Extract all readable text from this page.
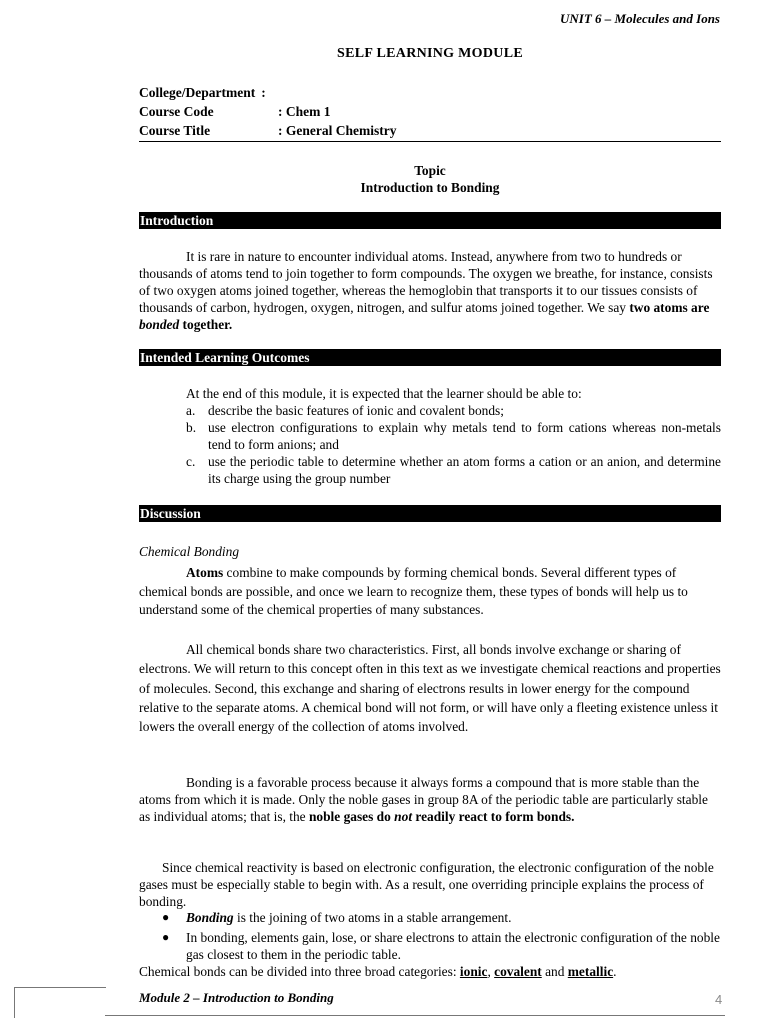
UNIT 6 – Molecules and Ions
SELF LEARNING MODULE
College/Department :
Course Code	: Chem 1
Course Title	: General Chemistry
Topic
Introduction to Bonding
Introduction
It is rare in nature to encounter individual atoms. Instead, anywhere from two to hundreds or thousands of atoms tend to join together to form compounds. The oxygen we breathe, for instance, consists of two oxygen atoms joined together, whereas the hemoglobin that transports it to our tissues consists of thousands of carbon, hydrogen, oxygen, nitrogen, and sulfur atoms joined together. We say two atoms are bonded together.
Intended Learning Outcomes
At the end of this module, it is expected that the learner should be able to:
a. describe the basic features of ionic and covalent bonds;
b. use electron configurations to explain why metals tend to form cations whereas non-metals tend to form anions; and
c. use the periodic table to determine whether an atom forms a cation or an anion, and determine its charge using the group number
Discussion
Chemical Bonding
Atoms combine to make compounds by forming chemical bonds. Several different types of chemical bonds are possible, and once we learn to recognize them, these types of bonds will help us to understand some of the chemical properties of many substances.
All chemical bonds share two characteristics. First, all bonds involve exchange or sharing of electrons. We will return to this concept often in this text as we investigate chemical reactions and properties of molecules. Second, this exchange and sharing of electrons results in lower energy for the compound relative to the separate atoms. A chemical bond will not form, or will have only a fleeting existence unless it lowers the overall energy of the collection of atoms involved.
Bonding is a favorable process because it always forms a compound that is more stable than the atoms from which it is made. Only the noble gases in group 8A of the periodic table are particularly stable as individual atoms; that is, the noble gases do not readily react to form bonds.
Since chemical reactivity is based on electronic configuration, the electronic configuration of the noble gases must be especially stable to begin with. As a result, one overriding principle explains the process of bonding.
● Bonding is the joining of two atoms in a stable arrangement.
● In bonding, elements gain, lose, or share electrons to attain the electronic configuration of the noble gas closest to them in the periodic table.
Chemical bonds can be divided into three broad categories: ionic, covalent and metallic.
Module 2 – Introduction to Bonding	4
